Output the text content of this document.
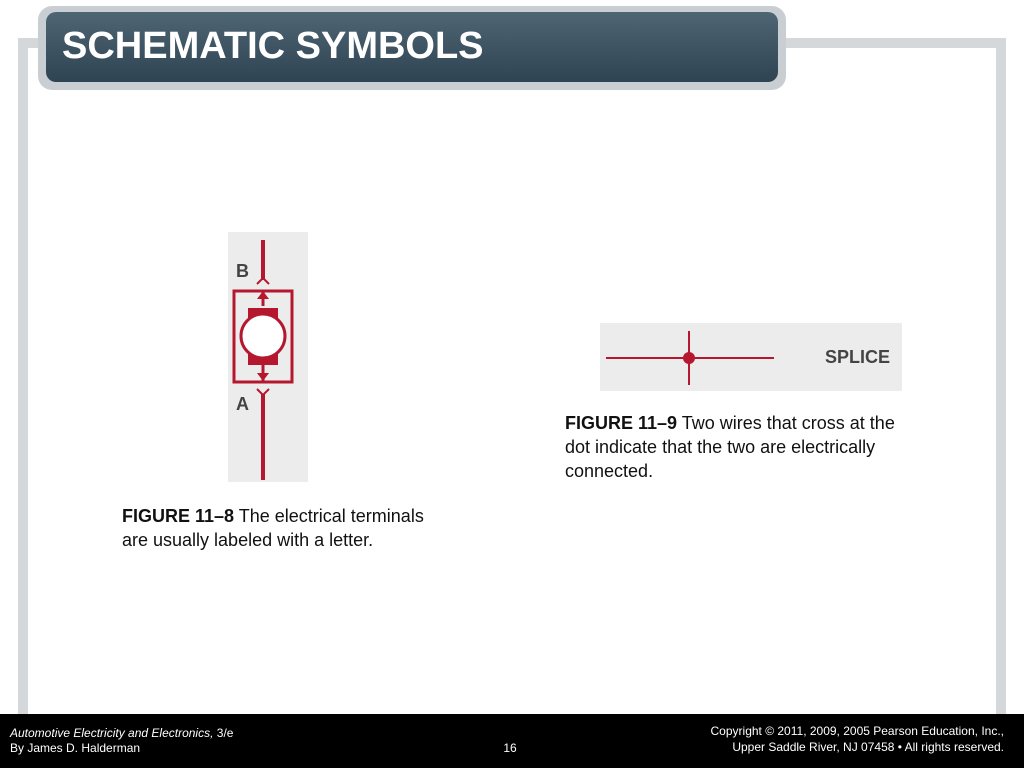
SCHEMATIC SYMBOLS
B
A
FIGURE 11–8 The electrical terminals are usually labeled with a letter.
SPLICE
FIGURE 11–9 Two wires that cross at the dot indicate that the two are electrically connected.
Automotive Electricity and Electronics, 3/e
By James D. Halderman	16
Copyright © 2011, 2009, 2005 Pearson Education, Inc.,
Upper Saddle River, NJ 07458 • All rights reserved.
